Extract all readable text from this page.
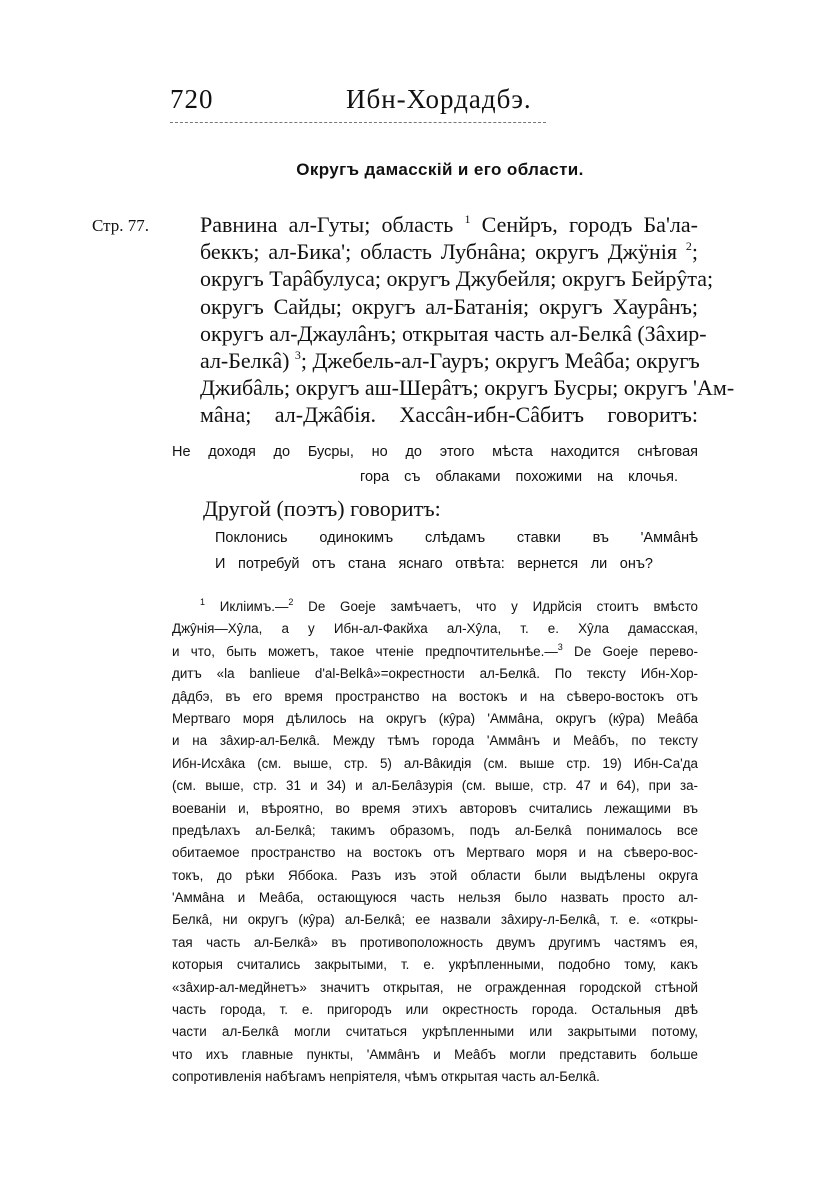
720	Ибн-Хордадбэ.
Округъ дамасскій и его области.
Стр. 77. Равнина ал-Гуты; область $^1$ Сенйръ, городъ Ба'ла-
беккъ; ал-Бика'; область Лубнâна; округъ Джÿнія $^2$;
округъ Тарâбулуса; округъ Джубейля; округъ Бейрŷта;
округъ Сайды; округъ ал-Батанія; округъ Хаурâнъ;
округъ ал-Джаулâнъ; открытая часть ал-Белкâ (Зâхир-
ал-Белкâ) $^3$; Джебель-ал-Гауръ; округъ Меâба; округъ
Джибâль; округъ аш-Шерâтъ; округъ Бусры; округъ 'Ам-
мâна; ал-Джâбія. Хассâн-ибн-Сâбитъ говоритъ:
Не доходя до Бусры, но до этого мѣста находится снѣговая
гора съ облаками похожими на клочья.
Другой (поэтъ) говоритъ:
Поклонись одинокимъ слѣдамъ ставки въ 'Аммâнѣ
И потребуй отъ стана яснаго отвѣта: вернется ли онъ?
$^1$ Икліимъ.—$^2$ De Goeje замѣчаетъ, что у Идрйсія стоитъ вмѣсто
Джŷнія—Хŷла, а у Ибн-ал-Факйха ал-Хŷла, т. е. Хŷла дамасская,
и что, быть можетъ, такое чтеніе предпочтительнѣе.—$^3$ De Goeje перево-
дитъ «la banlieue d'al-Belkâ»=окрестности ал-Белкâ. По тексту Ибн-Хор-
дâдбэ, въ его время пространство на востокъ и на сѣверо-востокъ отъ
Мертваго моря дѣлилось на округъ (кŷра) 'Аммâна, округъ (кŷра) Меâба
и на зâхир-ал-Белкâ. Между тѣмъ города 'Аммâнъ и Меâбъ, по тексту
Ибн-Исхâка (см. выше, стр. 5) ал-Вâкидія (см. выше стр. 19) Ибн-Са'да
(см. выше, стр. 31 и 34) и ал-Белâзурія (см. выше, стр. 47 и 64), при за-
воеваніи и, вѣроятно, во время этихъ авторовъ считались лежащими въ
предѣлахъ ал-Белкâ; такимъ образомъ, подъ ал-Белкâ понималось все
обитаемое пространство на востокъ отъ Мертваго моря и на сѣверо-вос-
токъ, до рѣки Яббока. Разъ изъ этой области были выдѣлены округа
'Аммâна и Меâба, остающуюся часть нельзя было назвать просто ал-
Белкâ, ни округъ (кŷра) ал-Белкâ; ее назвали зâхиру-л-Белкâ, т. е. «откры-
тая часть ал-Белкâ» въ противоположность двумъ другимъ частямъ ея,
которыя считались закрытыми, т. е. укрѣпленными, подобно тому, какъ
«зâхир-ал-медйнетъ» значитъ открытая, не огражденная городской стѣной
часть города, т. е. пригородъ или окрестность города. Остальныя двѣ
части ал-Белкâ могли считаться укрѣпленными или закрытыми потому,
что ихъ главные пункты, 'Аммâнъ и Меâбъ могли представить больше
сопротивленія набѣгамъ непріятеля, чѣмъ открытая часть ал-Белкâ.
